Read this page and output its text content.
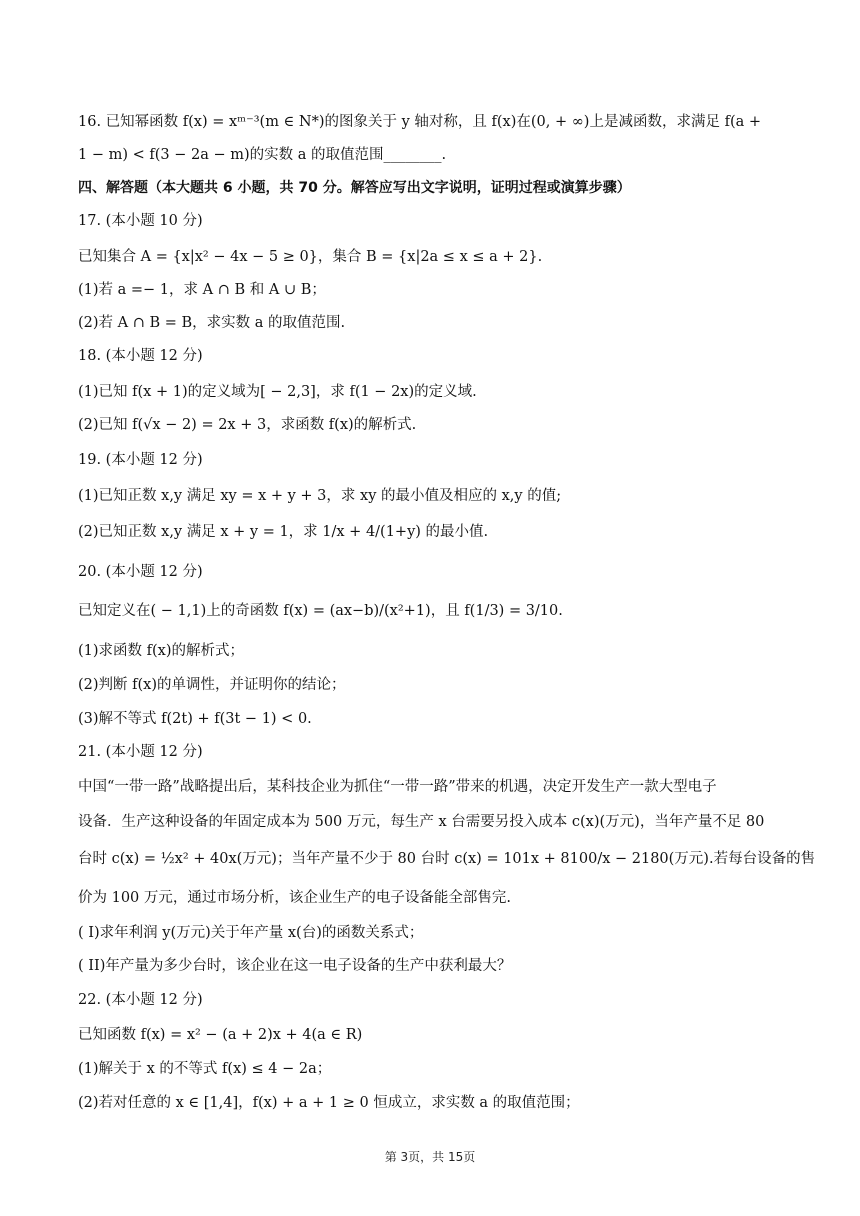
16. 已知幂函数 f(x) = xᵐ⁻³(m ∈ N*)的图象关于 y 轴对称，且 f(x)在(0, + ∞)上是减函数，求满足 f(a +
1 − m) < f(3 − 2a − m)的实数 a 的取值范围________.
四、解答题（本大题共 6 小题，共 70 分。解答应写出文字说明，证明过程或演算步骤）
17. (本小题 10 分)
已知集合 A = {x|x² − 4x − 5 ≥ 0}，集合 B = {x|2a ≤ x ≤ a + 2}.
(1)若 a =− 1，求 A ∩ B 和 A ∪ B；
(2)若 A ∩ B = B，求实数 a 的取值范围.
18. (本小题 12 分)
(1)已知 f(x + 1)的定义域为[ − 2,3]，求 f(1 − 2x)的定义域.
(2)已知 f(√x − 2) = 2x + 3，求函数 f(x)的解析式.
19. (本小题 12 分)
(1)已知正数 x,y 满足 xy = x + y + 3，求 xy 的最小值及相应的 x,y 的值;
(2)已知正数 x,y 满足 x + y = 1，求 1/x + 4/(1+y) 的最小值.
20. (本小题 12 分)
已知定义在( − 1,1)上的奇函数 f(x) = (ax−b)/(x²+1)，且 f(1/3) = 3/10.
(1)求函数 f(x)的解析式；
(2)判断 f(x)的单调性，并证明你的结论；
(3)解不等式 f(2t) + f(3t − 1) < 0.
21. (本小题 12 分)
中国“一带一路”战略提出后，某科技企业为抓住“一带一路”带来的机遇，决定开发生产一款大型电子
设备．生产这种设备的年固定成本为 500 万元，每生产 x 台需要另投入成本 c(x)(万元)，当年产量不足 80
台时 c(x) = ½x² + 40x(万元)；当年产量不少于 80 台时 c(x) = 101x + 8100/x − 2180(万元).若每台设备的售
价为 100 万元，通过市场分析，该企业生产的电子设备能全部售完.
( I)求年利润 y(万元)关于年产量 x(台)的函数关系式；
( II)年产量为多少台时，该企业在这一电子设备的生产中获利最大？
22. (本小题 12 分)
已知函数 f(x) = x² − (a + 2)x + 4(a ∈ R)
(1)解关于 x 的不等式 f(x) ≤ 4 − 2a；
(2)若对任意的 x ∈ [1,4]，f(x) + a + 1 ≥ 0 恒成立，求实数 a 的取值范围；
第 3页，共 15页
